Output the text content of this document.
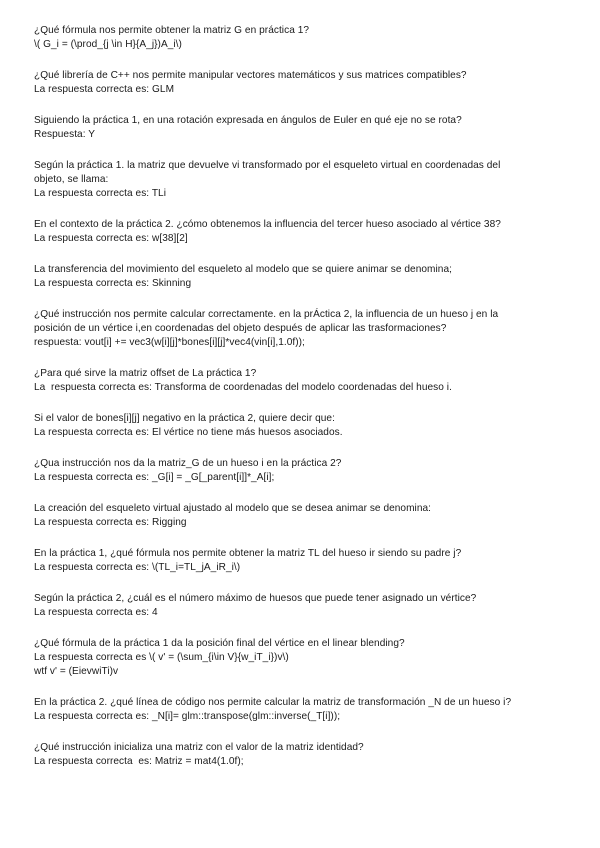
¿Qué fórmula nos permite obtener la matriz G en práctica 1?
\( G_i = (\prod_{j \in H}{A_j})A_i\)
¿Qué librería de C++ nos permite manipular vectores matemáticos y sus matrices compatibles?
La respuesta correcta es: GLM
Siguiendo la práctica 1, en una rotación expresada en ángulos de Euler en qué eje no se rota?
Respuesta: Y
Según la práctica 1. la matriz que devuelve vi transformado por el esqueleto virtual en coordenadas del
objeto, se llama:
La respuesta correcta es: TLi
En el contexto de la práctica 2. ¿cómo obtenemos la influencia del tercer hueso asociado al vértice 38?
La respuesta correcta es: w[38][2]
La transferencia del movimiento del esqueleto al modelo que se quiere animar se denomina;
La respuesta correcta es: Skinning
¿Qué instrucción nos permite calcular correctamente. en la prÁctica 2, la influencia de un hueso j en la
posición de un vértice i,en coordenadas del objeto después de aplicar las trasformaciones?
respuesta: vout[i] += vec3(w[i][j]*bones[i][j]*vec4(vin[i],1.0f));
¿Para qué sirve la matriz offset de La práctica 1?
La  respuesta correcta es: Transforma de coordenadas del modelo coordenadas del hueso i.
Si el valor de bones[i][j] negativo en la práctica 2, quiere decir que:
La respuesta correcta es: El vértice no tiene más huesos asociados.
¿Qua instrucción nos da la matriz_G de un hueso i en la práctica 2?
La respuesta correcta es: _G[i] = _G[_parent[i]]*_A[i];
La creación del esqueleto virtual ajustado al modelo que se desea animar se denomina:
La respuesta correcta es: Rigging
En la práctica 1, ¿qué fórmula nos permite obtener la matriz TL del hueso ir siendo su padre j?
La respuesta correcta es: \(TL_i=TL_jA_iR_i\)
Según la práctica 2, ¿cuál es el número máximo de huesos que puede tener asignado un vértice?
La respuesta correcta es: 4
¿Qué fórmula de la práctica 1 da la posición final del vértice en el linear blending?
La respuesta correcta es \( v' = (\sum_{i\in V}{w_iT_i})v\)
wtf v' = (EievwiTi)v
En la práctica 2. ¿qué línea de código nos permite calcular la matriz de transformación _N de un hueso i?
La respuesta correcta es: _N[i]= glm::transpose(glm::inverse(_T[i]));
¿Qué instrucción inicializa una matriz con el valor de la matriz identidad?
La respuesta correcta  es: Matriz = mat4(1.0f);
